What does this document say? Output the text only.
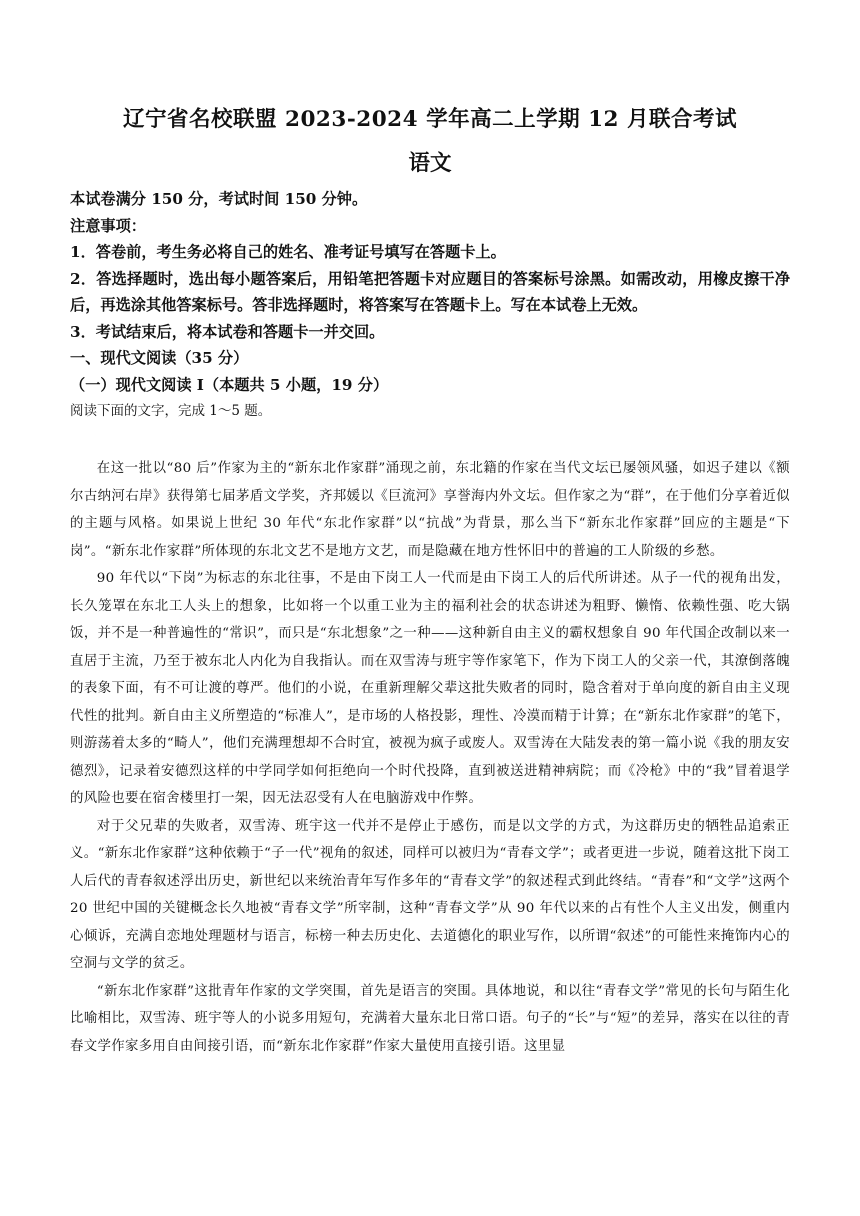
辽宁省名校联盟 2023-2024 学年高二上学期 12 月联合考试
语文

本试卷满分 150 分，考试时间 150 分钟。

注意事项：

1．答卷前，考生务必将自己的姓名、准考证号填写在答题卡上。

2．答选择题时，选出每小题答案后，用铅笔把答题卡对应题目的答案标号涂黑。如需改动，用橡皮擦干净后，再选涂其他答案标号。答非选择题时，将答案写在答题卡上。写在本试卷上无效。

3．考试结束后，将本试卷和答题卡一并交回。

一、现代文阅读（35 分）

（一）现代文阅读 I（本题共 5 小题，19 分）

阅读下面的文字，完成 1～5 题。

在这一批以“80 后”作家为主的“新东北作家群”涌现之前，东北籍的作家在当代文坛已屡领风骚，如迟子建以《额尔古纳河右岸》获得第七届茅盾文学奖，齐邦媛以《巨流河》享誉海内外文坛。但作家之为“群”，在于他们分享着近似的主题与风格。如果说上世纪 30 年代“东北作家群”以“抗战”为背景，那么当下“新东北作家群”回应的主题是“下岗”。“新东北作家群”所体现的东北文艺不是地方文艺，而是隐藏在地方性怀旧中的普遍的工人阶级的乡愁。

90 年代以“下岗”为标志的东北往事，不是由下岗工人一代而是由下岗工人的后代所讲述。从子一代的视角出发，长久笼罩在东北工人头上的想象，比如将一个以重工业为主的福利社会的状态讲述为粗野、懒惰、依赖性强、吃大锅饭，并不是一种普遍性的“常识”，而只是“东北想象”之一种——这种新自由主义的霸权想象自 90 年代国企改制以来一直居于主流，乃至于被东北人内化为自我指认。而在双雪涛与班宇等作家笔下，作为下岗工人的父亲一代，其潦倒落魄的表象下面，有不可让渡的尊严。他们的小说，在重新理解父辈这批失败者的同时，隐含着对于单向度的新自由主义现代性的批判。新自由主义所塑造的“标准人”，是市场的人格投影，理性、冷漠而精于计算；在“新东北作家群”的笔下，则游荡着太多的“畸人”，他们充满理想却不合时宜，被视为疯子或废人。双雪涛在大陆发表的第一篇小说《我的朋友安德烈》，记录着安德烈这样的中学同学如何拒绝向一个时代投降，直到被送进精神病院；而《冷枪》中的“我”冒着退学的风险也要在宿舍楼里打一架，因无法忍受有人在电脑游戏中作弊。

对于父兄辈的失败者，双雪涛、班宇这一代并不是停止于感伤，而是以文学的方式，为这群历史的牺牲品追索正义。“新东北作家群”这种依赖于“子一代”视角的叙述，同样可以被归为“青春文学”；或者更进一步说，随着这批下岗工人后代的青春叙述浮出历史，新世纪以来统治青年写作多年的“青春文学”的叙述程式到此终结。“青春”和“文学”这两个 20 世纪中国的关键概念长久地被“青春文学”所宰制，这种“青春文学”从 90 年代以来的占有性个人主义出发，侧重内心倾诉，充满自恋地处理题材与语言，标榜一种去历史化、去道德化的职业写作，以所谓“叙述”的可能性来掩饰内心的空洞与文学的贫乏。

“新东北作家群”这批青年作家的文学突围，首先是语言的突围。具体地说，和以往“青春文学”常见的长句与陌生化比喻相比，双雪涛、班宇等人的小说多用短句，充满着大量东北日常口语。句子的“长”与“短”的差异，落实在以往的青春文学作家多用自由间接引语，而“新东北作家群”作家大量使用直接引语。这里显
